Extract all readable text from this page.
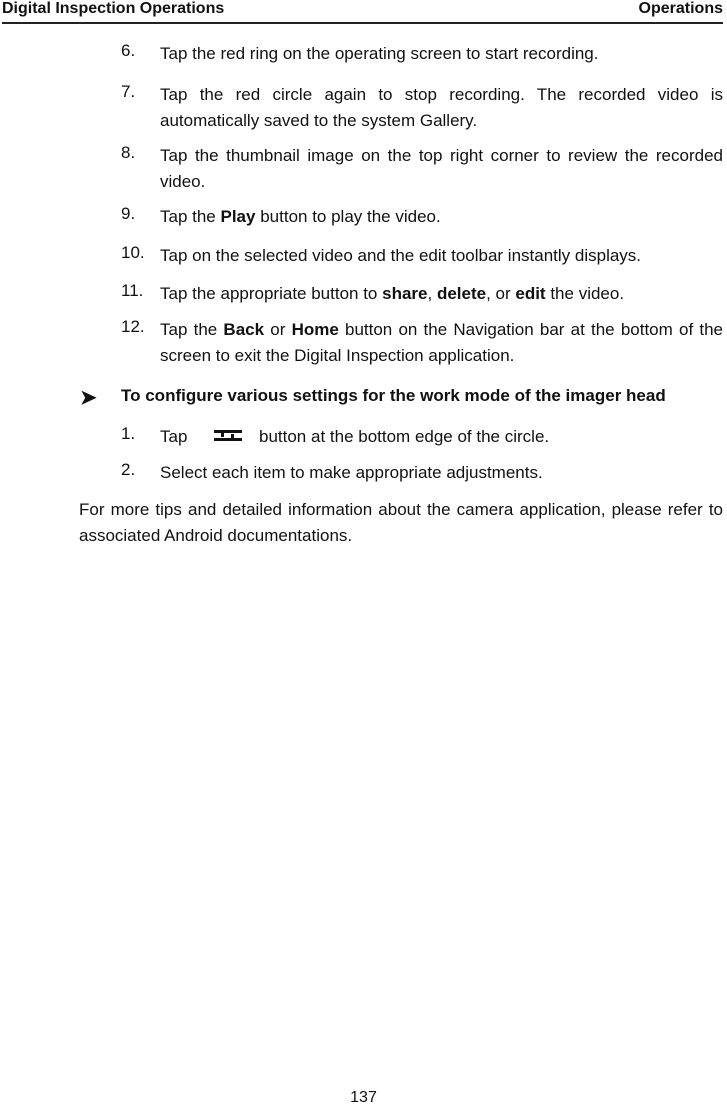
Digital Inspection Operations	Operations
6. Tap the red ring on the operating screen to start recording.
7. Tap the red circle again to stop recording. The recorded video is automatically saved to the system Gallery.
8. Tap the thumbnail image on the top right corner to review the recorded video.
9. Tap the Play button to play the video.
10. Tap on the selected video and the edit toolbar instantly displays.
11. Tap the appropriate button to share, delete, or edit the video.
12. Tap the Back or Home button on the Navigation bar at the bottom of the screen to exit the Digital Inspection application.
➤ To configure various settings for the work mode of the imager head
1. Tap	button at the bottom edge of the circle.
2. Select each item to make appropriate adjustments.
For more tips and detailed information about the camera application, please refer to associated Android documentations.
137
